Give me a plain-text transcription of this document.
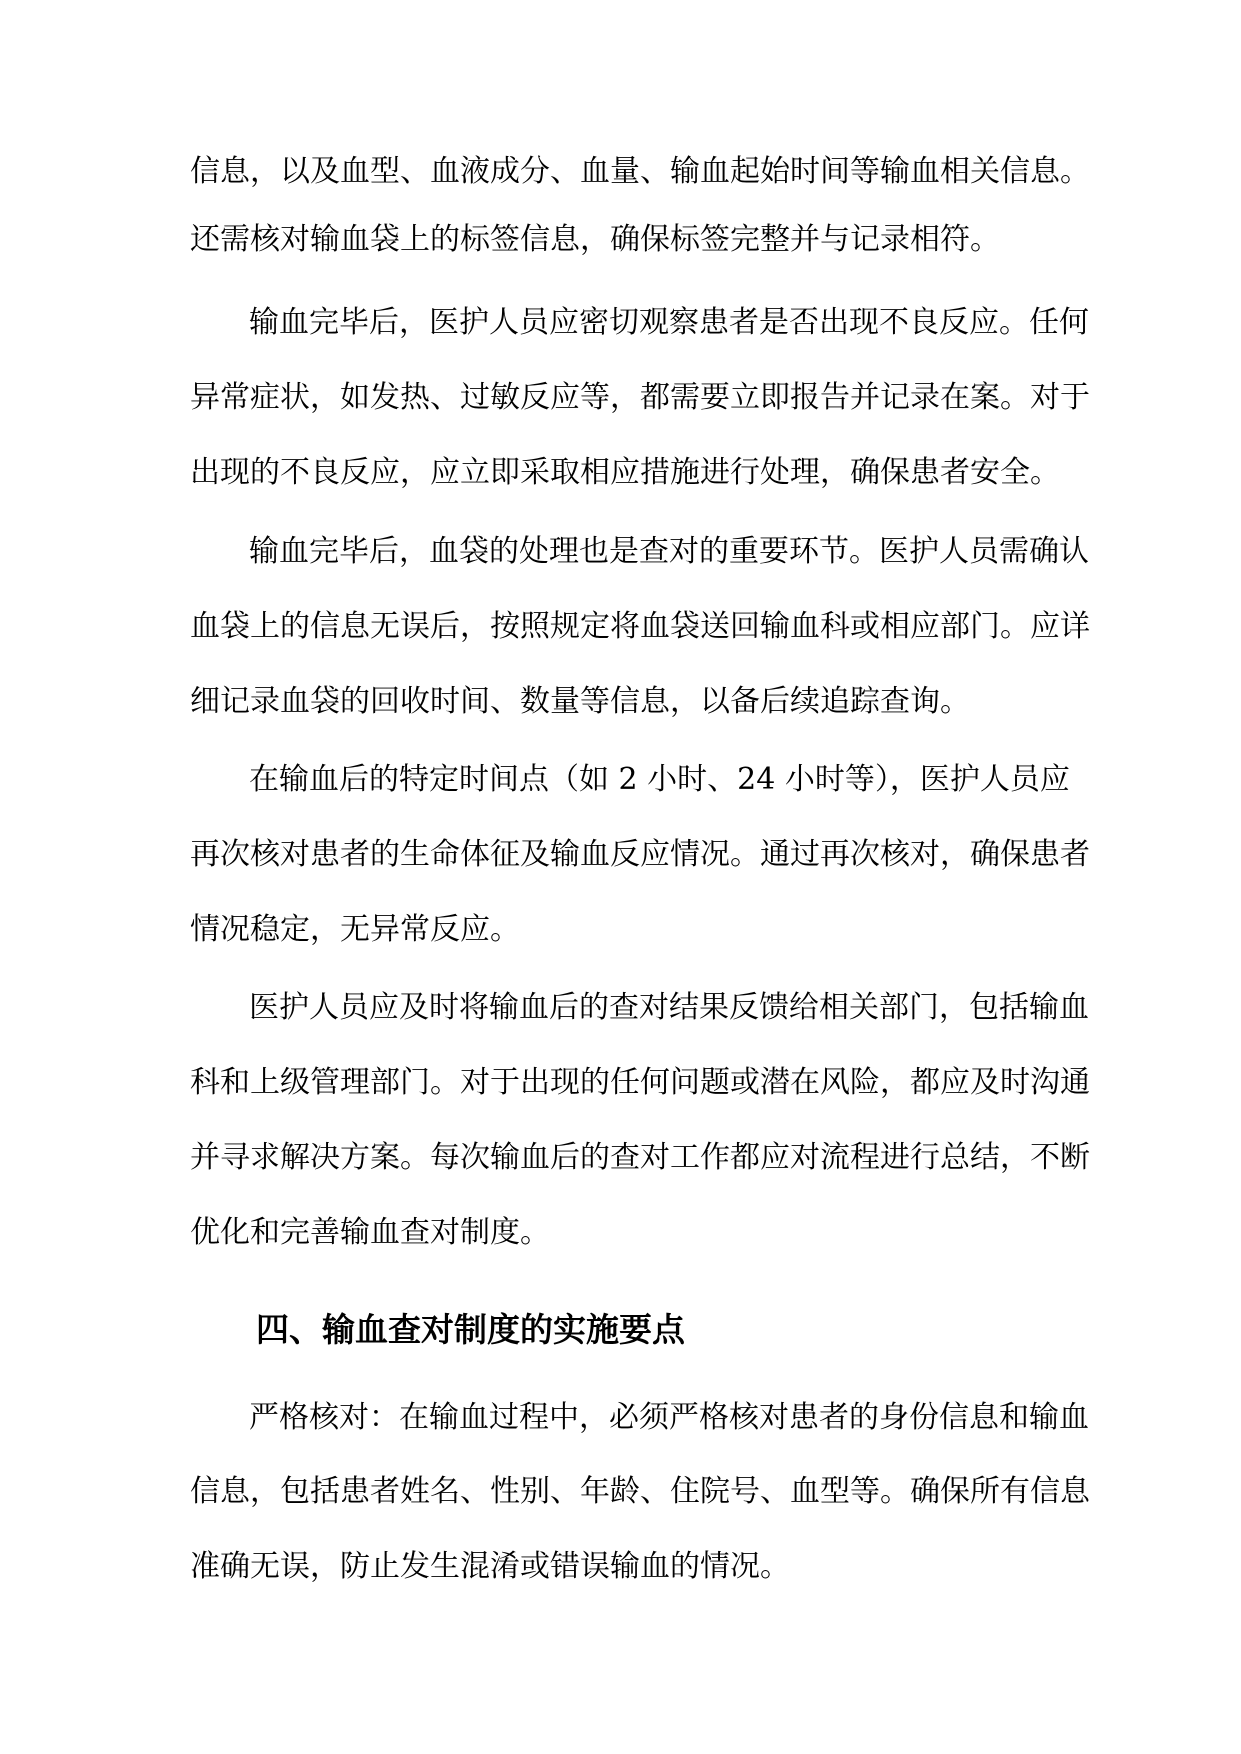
信息，以及血型、血液成分、血量、输血起始时间等输血相关信息。
还需核对输血袋上的标签信息，确保标签完整并与记录相符。
输血完毕后，医护人员应密切观察患者是否出现不良反应。任何
异常症状，如发热、过敏反应等，都需要立即报告并记录在案。对于
出现的不良反应，应立即采取相应措施进行处理，确保患者安全。
输血完毕后，血袋的处理也是查对的重要环节。医护人员需确认
血袋上的信息无误后，按照规定将血袋送回输血科或相应部门。应详
细记录血袋的回收时间、数量等信息，以备后续追踪查询。
在输血后的特定时间点（如 2 小时、24 小时等），医护人员应
再次核对患者的生命体征及输血反应情况。通过再次核对，确保患者
情况稳定，无异常反应。
医护人员应及时将输血后的查对结果反馈给相关部门，包括输血
科和上级管理部门。对于出现的任何问题或潜在风险，都应及时沟通
并寻求解决方案。每次输血后的查对工作都应对流程进行总结，不断
优化和完善输血查对制度。
四、输血查对制度的实施要点
严格核对：在输血过程中，必须严格核对患者的身份信息和输血
信息，包括患者姓名、性别、年龄、住院号、血型等。确保所有信息
准确无误，防止发生混淆或错误输血的情况。
